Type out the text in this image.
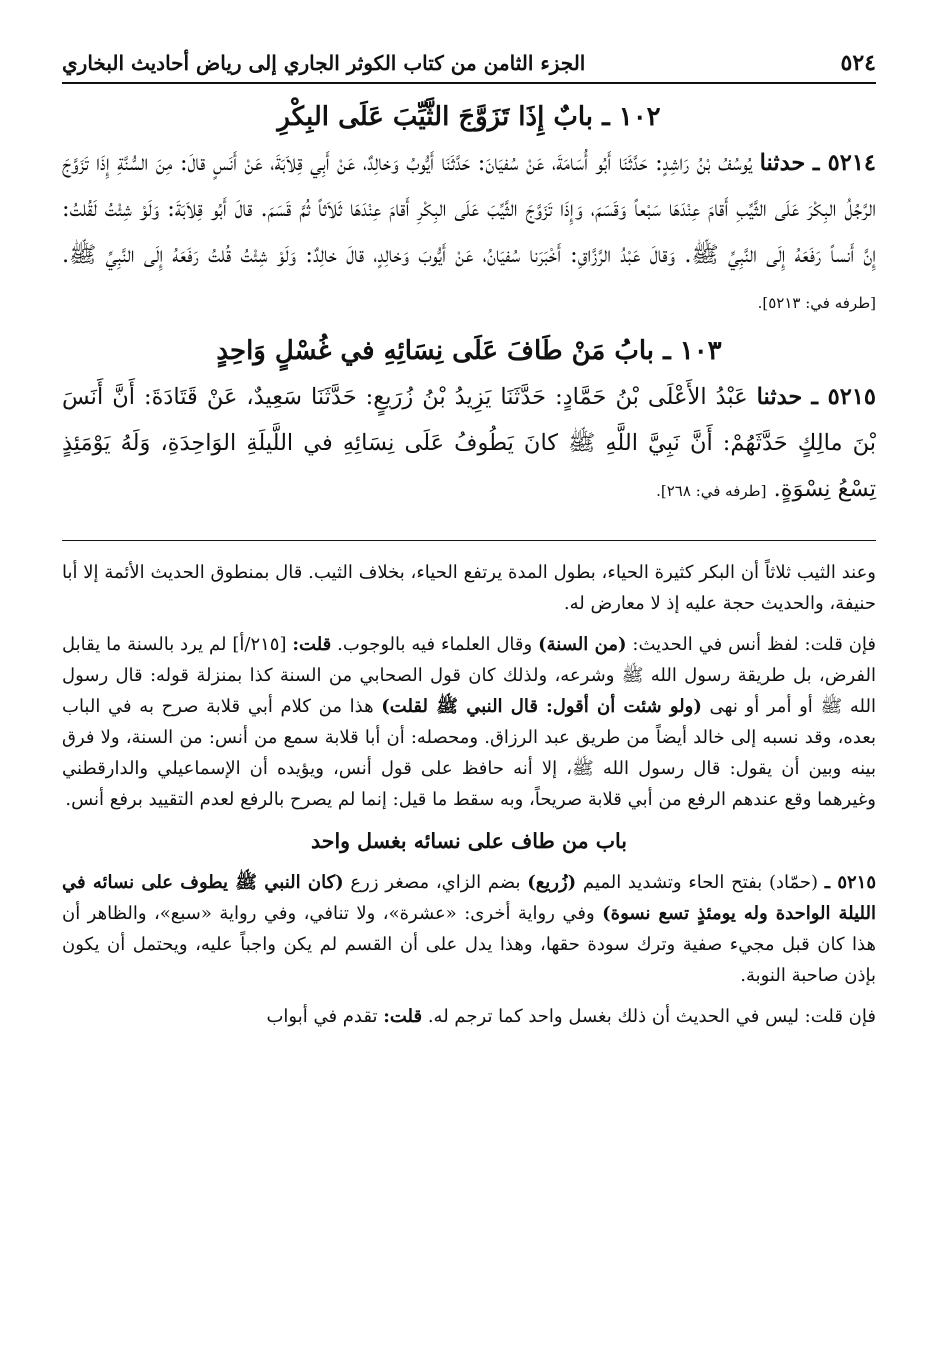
٥٢٤
الجزء الثامن من كتاب الكوثر الجاري إلى رياض أحاديث البخاري
١٠٢ ـ بابٌ إِذَا تَزَوَّجَ الثَّيِّبَ عَلَى البِكْرِ

٥٢١٤ ـ حدثنا يُوسُفُ بْنُ رَاشِدٍ: حَدَّثَنَا أَبُو أُسَامَةَ، عَنْ سُفيَانَ: حَدَّثَنَا أَيُّوبُ وَخالِدٌ، عَنْ أَبِي قِلاَبَةَ، عَنْ أَنَسٍ قالَ: مِنَ السُّنَّةِ إِذَا تَزَوَّجَ الرَّجُلُ البِكْرَ عَلَى الثَّيِّبِ أَقامَ عِنْدَهَا سَبْعاً وَقَسَمَ، وَإِذَا تَزَوَّجَ الثَّيِّبَ عَلَى البِكْرِ أَقامَ عِنْدَهَا ثَلاَثاً ثُمَّ قَسَمَ. قالَ أَبُو قِلاَبَةَ: وَلَوْ شِئْتُ لَقُلتُ: إِنَّ أَنساً رَفَعَهُ إِلَى النَّبِيِّ ﷺ. وَقالَ عَبْدُ الرَّزَّاقِ: أَخْبَرَنا سُفيَانُ، عَنْ أَيُّوبَ وَخالِدٍ، قالَ خالِدٌ: وَلَوْ شِئْتُ قُلتُ رَفَعَهُ إِلَى النَّبِيِّ ﷺ. [طرفه في: ٥٢١٣].

١٠٣ ـ بابُ مَنْ طَافَ عَلَى نِسَائِهِ في غُسْلٍ وَاحِدٍ

٥٢١٥ ـ حدثنا عَبْدُ الأَعْلَى بْنُ حَمَّادٍ: حَدَّثَنَا يَزِيدُ بْنُ زُرَيعٍ: حَدَّثَنَا سَعِيدٌ، عَنْ قَتَادَةَ: أَنَّ أَنَسَ بْنَ مالِكٍ حَدَّثَهُمْ: أَنَّ نَبِيَّ اللَّهِ ﷺ كانَ يَطُوفُ عَلَى نِسَائِهِ في اللَّيلَةِ الوَاحِدَةِ، وَلَهُ يَوْمَئِذٍ تِسْعُ نِسْوَةٍ. [طرفه في: ٢٦٨].

وعند الثيب ثلاثاً أن البكر كثيرة الحياء، بطول المدة يرتفع الحياء، بخلاف الثيب. قال بمنطوق الحديث الأئمة إلا أبا حنيفة، والحديث حجة عليه إذ لا معارض له.

فإن قلت: لفظ أنس في الحديث: (من السنة) وقال العلماء فيه بالوجوب. قلت: [٢١٥/أ] لم يرد بالسنة ما يقابل الفرض، بل طريقة رسول الله ﷺ وشرعه، ولذلك كان قول الصحابي من السنة كذا بمنزلة قوله: قال رسول الله ﷺ أو أمر أو نهى (ولو شئت أن أقول: قال النبي ﷺ لقلت) هذا من كلام أبي قلابة صرح به في الباب بعده، وقد نسبه إلى خالد أيضاً من طريق عبد الرزاق. ومحصله: أن أبا قلابة سمع من أنس: من السنة، ولا فرق بينه وبين أن يقول: قال رسول الله ﷺ، إلا أنه حافظ على قول أنس، ويؤيده أن الإسماعيلي والدارقطني وغيرهما وقع عندهم الرفع من أبي قلابة صريحاً، وبه سقط ما قيل: إنما لم يصرح بالرفع لعدم التقييد برفع أنس.

باب من طاف على نسائه بغسل واحد

٥٢١٥ ـ (حمّاد) بفتح الحاء وتشديد الميم (زُريع) بضم الزاي، مصغر زرع (كان النبي ﷺ يطوف على نسائه في الليلة الواحدة وله يومئذٍ تسع نسوة) وفي رواية أخرى: «عشرة»، ولا تنافي، وفي رواية «سبع»، والظاهر أن هذا كان قبل مجيء صفية وترك سودة حقها، وهذا يدل على أن القسم لم يكن واجباً عليه، ويحتمل أن يكون بإذن صاحبة النوبة.

فإن قلت: ليس في الحديث أن ذلك بغسل واحد كما ترجم له. قلت: تقدم في أبواب
